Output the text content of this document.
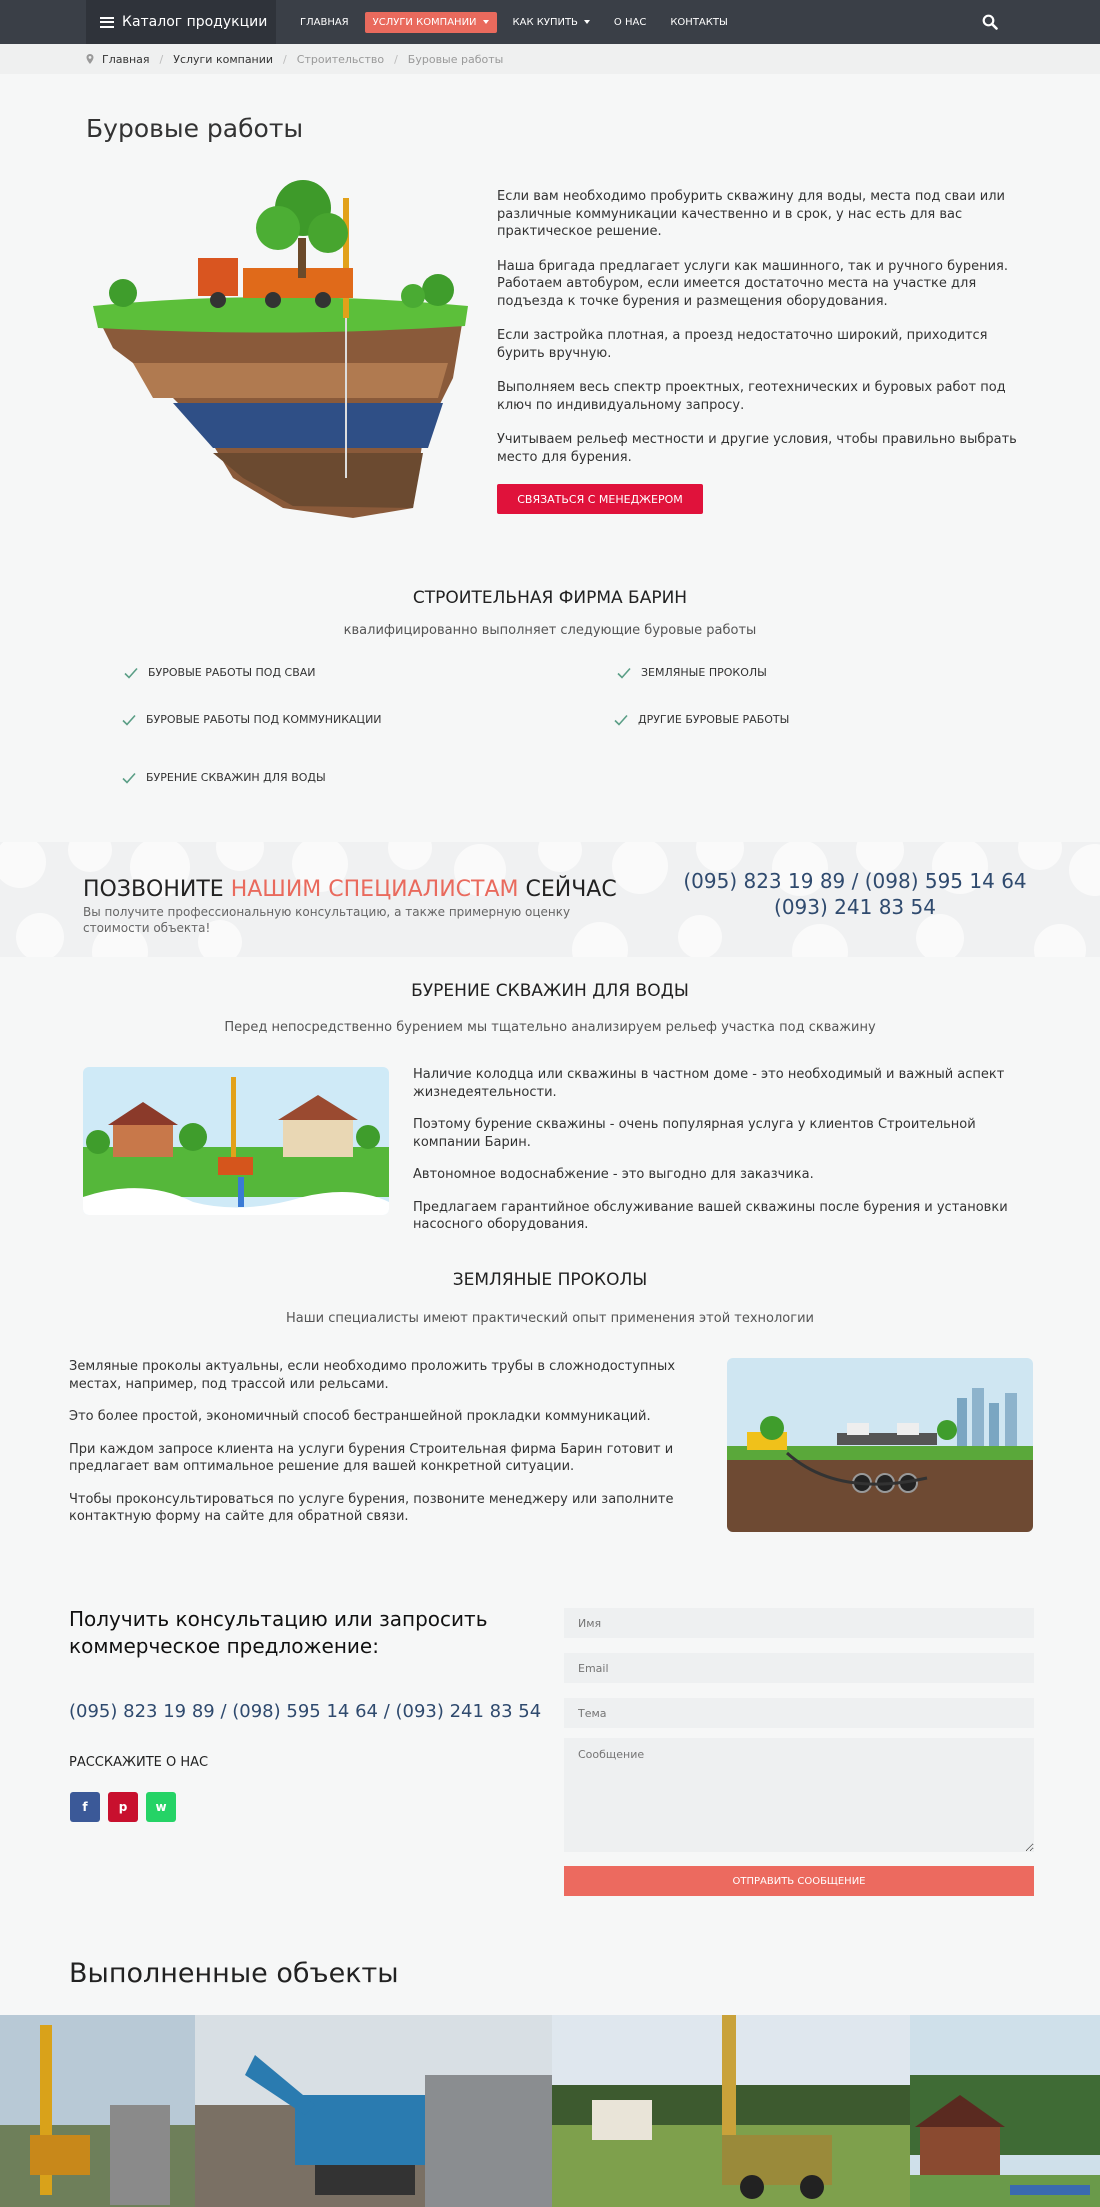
Каталог продукции	ГЛАВНАЯ УСЛУГИ КОМПАНИИ	КАК КУПИТЬ	О НАС КОНТАКТЫ
Главная / Услуги компании / Строительство / Буровые работы
Буровые работы

Если вам необходимо пробурить скважину для воды, места под сваи или различные коммуникации качественно и в срок, у нас есть для вас практическое решение.

Наша бригада предлагает услуги как машинного, так и ручного бурения. Работаем автобуром, если имеется достаточно места на участке для подъезда к точке бурения и размещения оборудования.

Если застройка плотная, а проезд недостаточно широкий, приходится бурить вручную.

Выполняем весь спектр проектных, геотехнических и буровых работ под ключ по индивидуальному запросу.

Учитываем рельеф местности и другие условия, чтобы правильно выбрать место для бурения.

СВЯЗАТЬСЯ С МЕНЕДЖЕРОМ
СТРОИТЕЛЬНАЯ ФИРМА БАРИН
квалифицированно выполняет следующие буровые работы
БУРОВЫЕ РАБОТЫ ПОД СВАИ	ЗЕМЛЯНЫЕ ПРОКОЛЫ
БУРОВЫЕ РАБОТЫ ПОД КОММУНИКАЦИИ	ДРУГИЕ БУРОВЫЕ РАБОТЫ
БУРЕНИЕ СКВАЖИН ДЛЯ ВОДЫ
ПОЗВОНИТЕ НАШИМ СПЕЦИАЛИСТАМ СЕЙЧАС
Вы получите профессиональную консультацию, а также примерную оценку стоимости объекта!
(095) 823 19 89 / (098) 595 14 64
(093) 241 83 54
БУРЕНИЕ СКВАЖИН ДЛЯ ВОДЫ
Перед непосредственно бурением мы тщательно анализируем рельеф участка под скважину

Наличие колодца или скважины в частном доме - это необходимый и важный аспект жизнедеятельности.

Поэтому бурение скважины - очень популярная услуга у клиентов Строительной компании Барин.

Автономное водоснабжение - это выгодно для заказчика.

Предлагаем гарантийное обслуживание вашей скважины после бурения и установки насосного оборудования.

ЗЕМЛЯНЫЕ ПРОКОЛЫ
Наши специалисты имеют практический опыт применения этой технологии

Земляные проколы актуальны, если необходимо проложить трубы в сложнодоступных местах, например, под трассой или рельсами.

Это более простой, экономичный способ бестраншейной прокладки коммуникаций.

При каждом запросе клиента на услуги бурения Строительная фирма Барин готовит и предлагает вам оптимальное решение для вашей конкретной ситуации.

Чтобы проконсультироваться по услуге бурения, позвоните менеджеру или заполните контактную форму на сайте для обратной связи.

Получить консультацию или запросить коммерческое предложение:
(095) 823 19 89 / (098) 595 14 64 / (093) 241 83 54
РАССКАЖИТЕ О НАС
f	p w
Имя
Email
Тема
Сообщение
ОТПРАВИТЬ СООБЩЕНИЕ
Выполненные объекты
